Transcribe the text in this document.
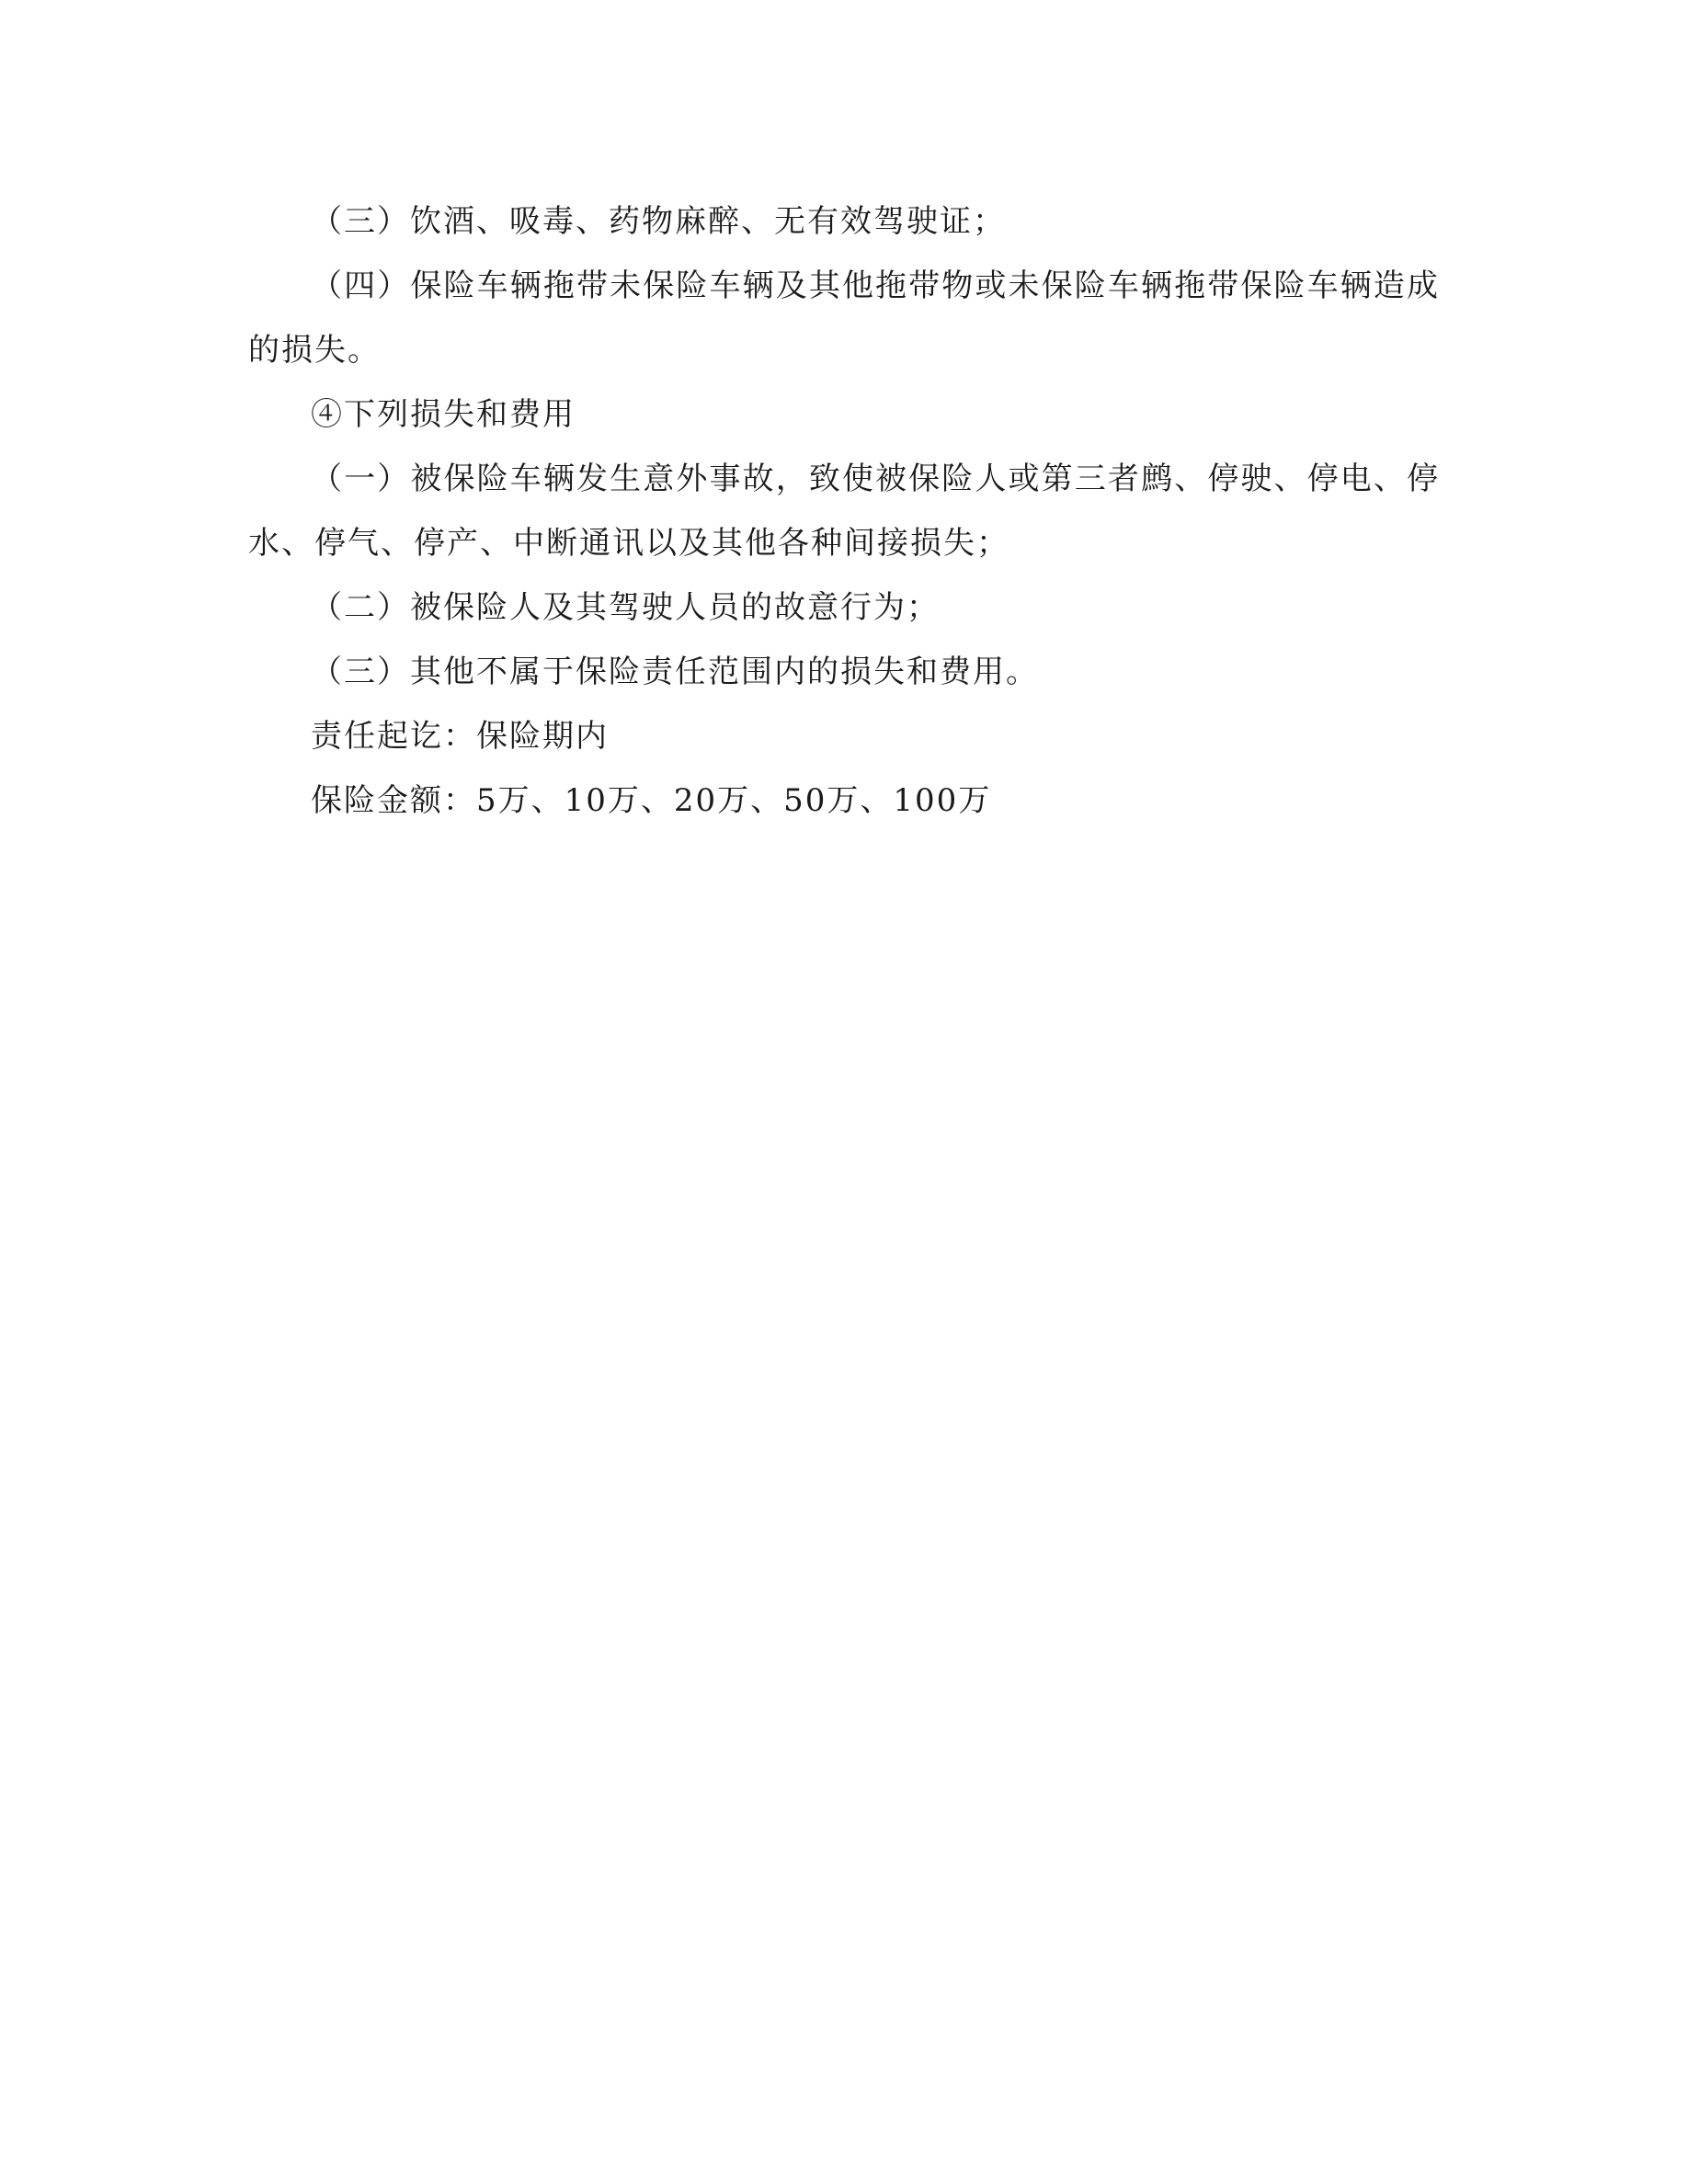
（三）饮酒、吸毒、药物麻醉、无有效驾驶证；

（四）保险车辆拖带未保险车辆及其他拖带物或未保险车辆拖带保险车辆造成的损失。

④下列损失和费用

（一）被保险车辆发生意外事故，致使被保险人或第三者鹧、停驶、停电、停水、停气、停产、中断通讯以及其他各种间接损失；

（二）被保险人及其驾驶人员的故意行为；

（三）其他不属于保险责任范围内的损失和费用。

责任起讫：保险期内

保险金额：5万、10万、20万、50万、100万
